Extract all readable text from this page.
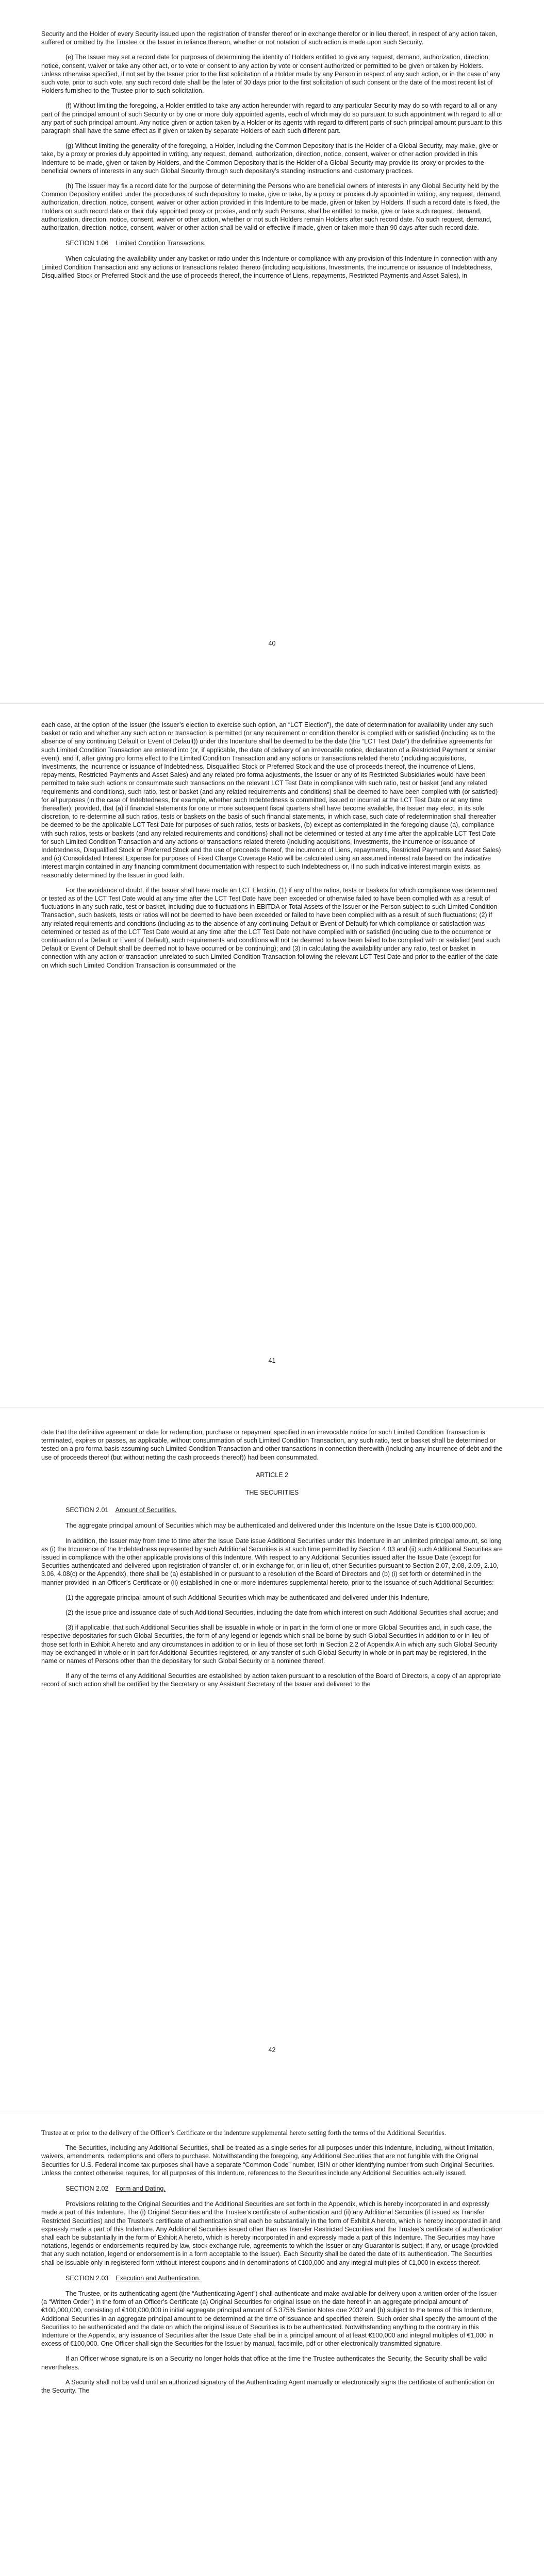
Security and the Holder of every Security issued upon the registration of transfer thereof or in exchange therefor or in lieu thereof, in respect of any action taken, suffered or omitted by the Trustee or the Issuer in reliance thereon, whether or not notation of such action is made upon such Security.

(e) The Issuer may set a record date for purposes of determining the identity of Holders entitled to give any request, demand, authorization, direction, notice, consent, waiver or take any other act, or to vote or consent to any action by vote or consent authorized or permitted to be given or taken by Holders. Unless otherwise specified, if not set by the Issuer prior to the first solicitation of a Holder made by any Person in respect of any such action, or in the case of any such vote, prior to such vote, any such record date shall be the later of 30 days prior to the first solicitation of such consent or the date of the most recent list of Holders furnished to the Trustee prior to such solicitation.

(f) Without limiting the foregoing, a Holder entitled to take any action hereunder with regard to any particular Security may do so with regard to all or any part of the principal amount of such Security or by one or more duly appointed agents, each of which may do so pursuant to such appointment with regard to all or any part of such principal amount. Any notice given or action taken by a Holder or its agents with regard to different parts of such principal amount pursuant to this paragraph shall have the same effect as if given or taken by separate Holders of each such different part.

(g) Without limiting the generality of the foregoing, a Holder, including the Common Depository that is the Holder of a Global Security, may make, give or take, by a proxy or proxies duly appointed in writing, any request, demand, authorization, direction, notice, consent, waiver or other action provided in this Indenture to be made, given or taken by Holders, and the Common Depository that is the Holder of a Global Security may provide its proxy or proxies to the beneficial owners of interests in any such Global Security through such depositary’s standing instructions and customary practices.

(h) The Issuer may fix a record date for the purpose of determining the Persons who are beneficial owners of interests in any Global Security held by the Common Depository entitled under the procedures of such depository to make, give or take, by a proxy or proxies duly appointed in writing, any request, demand, authorization, direction, notice, consent, waiver or other action provided in this Indenture to be made, given or taken by Holders. If such a record date is fixed, the Holders on such record date or their duly appointed proxy or proxies, and only such Persons, shall be entitled to make, give or take such request, demand, authorization, direction, notice, consent, waiver or other action, whether or not such Holders remain Holders after such record date. No such request, demand, authorization, direction, notice, consent, waiver or other action shall be valid or effective if made, given or taken more than 90 days after such record date.

SECTION 1.06 Limited Condition Transactions.

When calculating the availability under any basket or ratio under this Indenture or compliance with any provision of this Indenture in connection with any Limited Condition Transaction and any actions or transactions related thereto (including acquisitions, Investments, the incurrence or issuance of Indebtedness, Disqualified Stock or Preferred Stock and the use of proceeds thereof, the incurrence of Liens, repayments, Restricted Payments and Asset Sales), in

40

each case, at the option of the Issuer (the Issuer’s election to exercise such option, an “LCT Election”), the date of determination for availability under any such basket or ratio and whether any such action or transaction is permitted (or any requirement or condition therefor is complied with or satisfied (including as to the absence of any continuing Default or Event of Default)) under this Indenture shall be deemed to be the date (the “LCT Test Date”) the definitive agreements for such Limited Condition Transaction are entered into (or, if applicable, the date of delivery of an irrevocable notice, declaration of a Restricted Payment or similar event), and if, after giving pro forma effect to the Limited Condition Transaction and any actions or transactions related thereto (including acquisitions, Investments, the incurrence or issuance of Indebtedness, Disqualified Stock or Preferred Stock and the use of proceeds thereof, the incurrence of Liens, repayments, Restricted Payments and Asset Sales) and any related pro forma adjustments, the Issuer or any of its Restricted Subsidiaries would have been permitted to take such actions or consummate such transactions on the relevant LCT Test Date in compliance with such ratio, test or basket (and any related requirements and conditions), such ratio, test or basket (and any related requirements and conditions) shall be deemed to have been complied with (or satisfied) for all purposes (in the case of Indebtedness, for example, whether such Indebtedness is committed, issued or incurred at the LCT Test Date or at any time thereafter); provided, that (a) if financial statements for one or more subsequent fiscal quarters shall have become available, the Issuer may elect, in its sole discretion, to re-determine all such ratios, tests or baskets on the basis of such financial statements, in which case, such date of redetermination shall thereafter be deemed to be the applicable LCT Test Date for purposes of such ratios, tests or baskets, (b) except as contemplated in the foregoing clause (a), compliance with such ratios, tests or baskets (and any related requirements and conditions) shall not be determined or tested at any time after the applicable LCT Test Date for such Limited Condition Transaction and any actions or transactions related thereto (including acquisitions, Investments, the incurrence or issuance of Indebtedness, Disqualified Stock or Preferred Stock and the use of proceeds thereof, the incurrence of Liens, repayments, Restricted Payments and Asset Sales) and (c) Consolidated Interest Expense for purposes of Fixed Charge Coverage Ratio will be calculated using an assumed interest rate based on the indicative interest margin contained in any financing commitment documentation with respect to such Indebtedness or, if no such indicative interest margin exists, as reasonably determined by the Issuer in good faith.

For the avoidance of doubt, if the Issuer shall have made an LCT Election, (1) if any of the ratios, tests or baskets for which compliance was determined or tested as of the LCT Test Date would at any time after the LCT Test Date have been exceeded or otherwise failed to have been complied with as a result of fluctuations in any such ratio, test or basket, including due to fluctuations in EBITDA or Total Assets of the Issuer or the Person subject to such Limited Condition Transaction, such baskets, tests or ratios will not be deemed to have been exceeded or failed to have been complied with as a result of such fluctuations; (2) if any related requirements and conditions (including as to the absence of any continuing Default or Event of Default) for which compliance or satisfaction was determined or tested as of the LCT Test Date would at any time after the LCT Test Date not have complied with or satisfied (including due to the occurrence or continuation of a Default or Event of Default), such requirements and conditions will not be deemed to have been failed to be complied with or satisfied (and such Default or Event of Default shall be deemed not to have occurred or be continuing); and (3) in calculating the availability under any ratio, test or basket in connection with any action or transaction unrelated to such Limited Condition Transaction following the relevant LCT Test Date and prior to the earlier of the date on which such Limited Condition Transaction is consummated or the

41

date that the definitive agreement or date for redemption, purchase or repayment specified in an irrevocable notice for such Limited Condition Transaction is terminated, expires or passes, as applicable, without consummation of such Limited Condition Transaction, any such ratio, test or basket shall be determined or tested on a pro forma basis assuming such Limited Condition Transaction and other transactions in connection therewith (including any incurrence of debt and the use of proceeds thereof (but without netting the cash proceeds thereof)) had been consummated.

ARTICLE 2
THE SECURITIES

SECTION 2.01 Amount of Securities.

The aggregate principal amount of Securities which may be authenticated and delivered under this Indenture on the Issue Date is €100,000,000.

In addition, the Issuer may from time to time after the Issue Date issue Additional Securities under this Indenture in an unlimited principal amount, so long as (i) the Incurrence of the Indebtedness represented by such Additional Securities is at such time permitted by Section 4.03 and (ii) such Additional Securities are issued in compliance with the other applicable provisions of this Indenture. With respect to any Additional Securities issued after the Issue Date (except for Securities authenticated and delivered upon registration of transfer of, or in exchange for, or in lieu of, other Securities pursuant to Section 2.07, 2.08, 2.09, 2.10, 3.06, 4.08(c) or the Appendix), there shall be (a) established in or pursuant to a resolution of the Board of Directors and (b) (i) set forth or determined in the manner provided in an Officer’s Certificate or (ii) established in one or more indentures supplemental hereto, prior to the issuance of such Additional Securities:

(1) the aggregate principal amount of such Additional Securities which may be authenticated and delivered under this Indenture,

(2) the issue price and issuance date of such Additional Securities, including the date from which interest on such Additional Securities shall accrue; and

(3) if applicable, that such Additional Securities shall be issuable in whole or in part in the form of one or more Global Securities and, in such case, the respective depositaries for such Global Securities, the form of any legend or legends which shall be borne by such Global Securities in addition to or in lieu of those set forth in Exhibit A hereto and any circumstances in addition to or in lieu of those set forth in Section 2.2 of Appendix A in which any such Global Security may be exchanged in whole or in part for Additional Securities registered, or any transfer of such Global Security in whole or in part may be registered, in the name or names of Persons other than the depositary for such Global Security or a nominee thereof.

If any of the terms of any Additional Securities are established by action taken pursuant to a resolution of the Board of Directors, a copy of an appropriate record of such action shall be certified by the Secretary or any Assistant Secretary of the Issuer and delivered to the

42

Trustee at or prior to the delivery of the Officer’s Certificate or the indenture supplemental hereto setting forth the terms of the Additional Securities.

The Securities, including any Additional Securities, shall be treated as a single series for all purposes under this Indenture, including, without limitation, waivers, amendments, redemptions and offers to purchase. Notwithstanding the foregoing, any Additional Securities that are not fungible with the Original Securities for U.S. Federal income tax purposes shall have a separate “Common Code” number, ISIN or other identifying number from such Original Securities. Unless the context otherwise requires, for all purposes of this Indenture, references to the Securities include any Additional Securities actually issued.

SECTION 2.02 Form and Dating.

Provisions relating to the Original Securities and the Additional Securities are set forth in the Appendix, which is hereby incorporated in and expressly made a part of this Indenture. The (i) Original Securities and the Trustee’s certificate of authentication and (ii) any Additional Securities (if issued as Transfer Restricted Securities) and the Trustee’s certificate of authentication shall each be substantially in the form of Exhibit A hereto, which is hereby incorporated in and expressly made a part of this Indenture. Any Additional Securities issued other than as Transfer Restricted Securities and the Trustee’s certificate of authentication shall each be substantially in the form of Exhibit A hereto, which is hereby incorporated in and expressly made a part of this Indenture. The Securities may have notations, legends or endorsements required by law, stock exchange rule, agreements to which the Issuer or any Guarantor is subject, if any, or usage (provided that any such notation, legend or endorsement is in a form acceptable to the Issuer). Each Security shall be dated the date of its authentication. The Securities shall be issuable only in registered form without interest coupons and in denominations of €100,000 and any integral multiples of €1,000 in excess thereof.

SECTION 2.03 Execution and Authentication.

The Trustee, or its authenticating agent (the “Authenticating Agent”) shall authenticate and make available for delivery upon a written order of the Issuer (a “Written Order”) in the form of an Officer’s Certificate (a) Original Securities for original issue on the date hereof in an aggregate principal amount of €100,000,000, consisting of €100,000,000 in initial aggregate principal amount of 5.375% Senior Notes due 2032 and (b) subject to the terms of this Indenture, Additional Securities in an aggregate principal amount to be determined at the time of issuance and specified therein. Such order shall specify the amount of the Securities to be authenticated and the date on which the original issue of Securities is to be authenticated. Notwithstanding anything to the contrary in this Indenture or the Appendix, any issuance of Securities after the Issue Date shall be in a principal amount of at least €100,000 and integral multiples of €1,000 in excess of €100,000. One Officer shall sign the Securities for the Issuer by manual, facsimile, pdf or other electronically transmitted signature.

If an Officer whose signature is on a Security no longer holds that office at the time the Trustee authenticates the Security, the Security shall be valid nevertheless.

A Security shall not be valid until an authorized signatory of the Authenticating Agent manually or electronically signs the certificate of authentication on the Security. The
